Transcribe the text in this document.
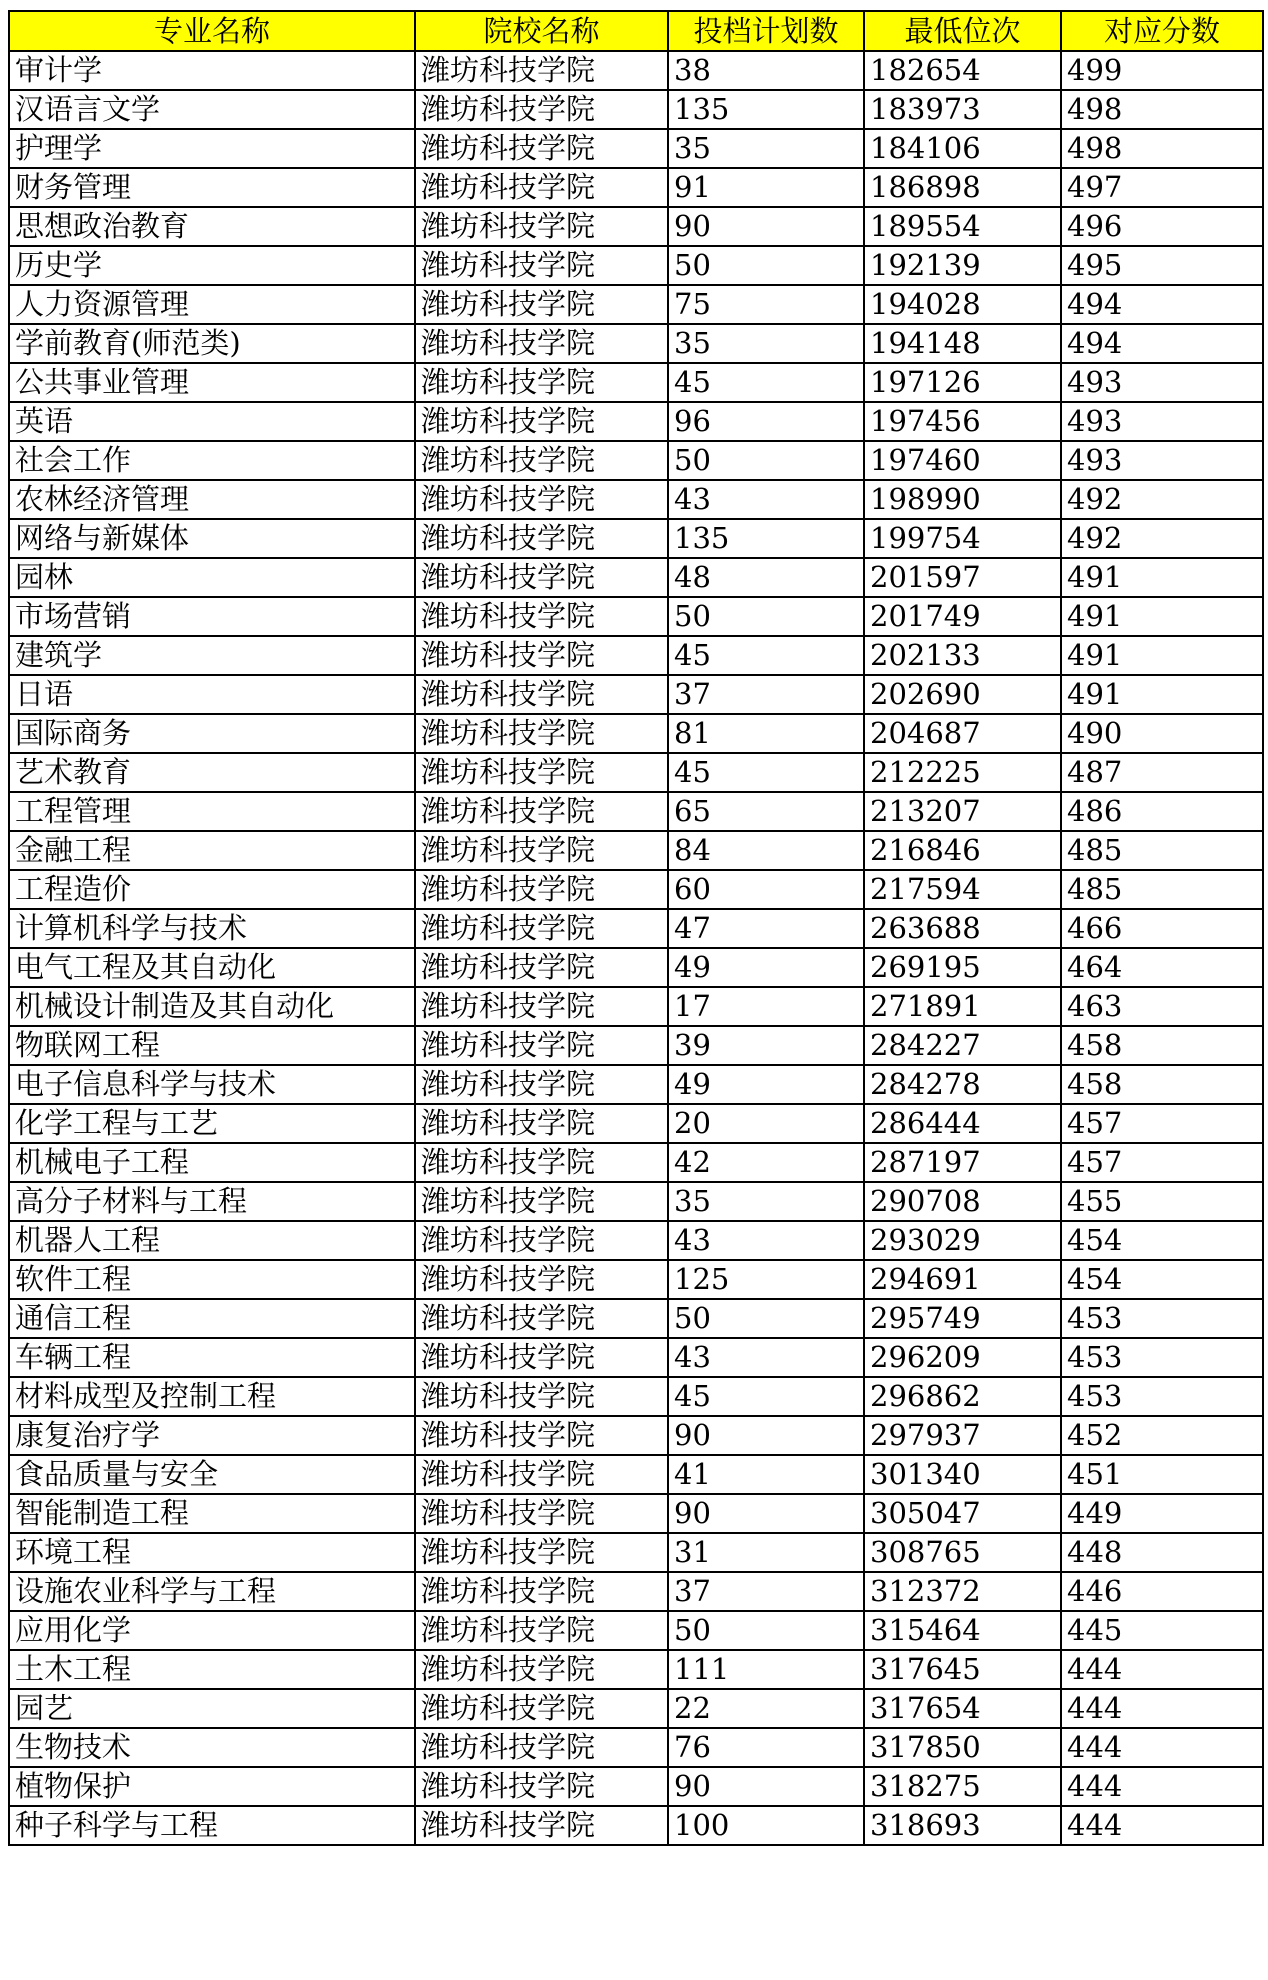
专业名称	院校名称	投档计划数	最低位次	对应分数
审计学	潍坊科技学院	38	182654	499
汉语言文学	潍坊科技学院	135	183973	498
护理学	潍坊科技学院	35	184106	498
财务管理	潍坊科技学院	91	186898	497
思想政治教育	潍坊科技学院	90	189554	496
历史学	潍坊科技学院	50	192139	495
人力资源管理	潍坊科技学院	75	194028	494
学前教育(师范类)	潍坊科技学院	35	194148	494
公共事业管理	潍坊科技学院	45	197126	493
英语	潍坊科技学院	96	197456	493
社会工作	潍坊科技学院	50	197460	493
农林经济管理	潍坊科技学院	43	198990	492
网络与新媒体	潍坊科技学院	135	199754	492
园林	潍坊科技学院	48	201597	491
市场营销	潍坊科技学院	50	201749	491
建筑学	潍坊科技学院	45	202133	491
日语	潍坊科技学院	37	202690	491
国际商务	潍坊科技学院	81	204687	490
艺术教育	潍坊科技学院	45	212225	487
工程管理	潍坊科技学院	65	213207	486
金融工程	潍坊科技学院	84	216846	485
工程造价	潍坊科技学院	60	217594	485
计算机科学与技术	潍坊科技学院	47	263688	466
电气工程及其自动化	潍坊科技学院	49	269195	464
机械设计制造及其自动化	潍坊科技学院	17	271891	463
物联网工程	潍坊科技学院	39	284227	458
电子信息科学与技术	潍坊科技学院	49	284278	458
化学工程与工艺	潍坊科技学院	20	286444	457
机械电子工程	潍坊科技学院	42	287197	457
高分子材料与工程	潍坊科技学院	35	290708	455
机器人工程	潍坊科技学院	43	293029	454
软件工程	潍坊科技学院	125	294691	454
通信工程	潍坊科技学院	50	295749	453
车辆工程	潍坊科技学院	43	296209	453
材料成型及控制工程	潍坊科技学院	45	296862	453
康复治疗学	潍坊科技学院	90	297937	452
食品质量与安全	潍坊科技学院	41	301340	451
智能制造工程	潍坊科技学院	90	305047	449
环境工程	潍坊科技学院	31	308765	448
设施农业科学与工程	潍坊科技学院	37	312372	446
应用化学	潍坊科技学院	50	315464	445
土木工程	潍坊科技学院	111	317645	444
园艺	潍坊科技学院	22	317654	444
生物技术	潍坊科技学院	76	317850	444
植物保护	潍坊科技学院	90	318275	444
种子科学与工程	潍坊科技学院	100	318693	444
